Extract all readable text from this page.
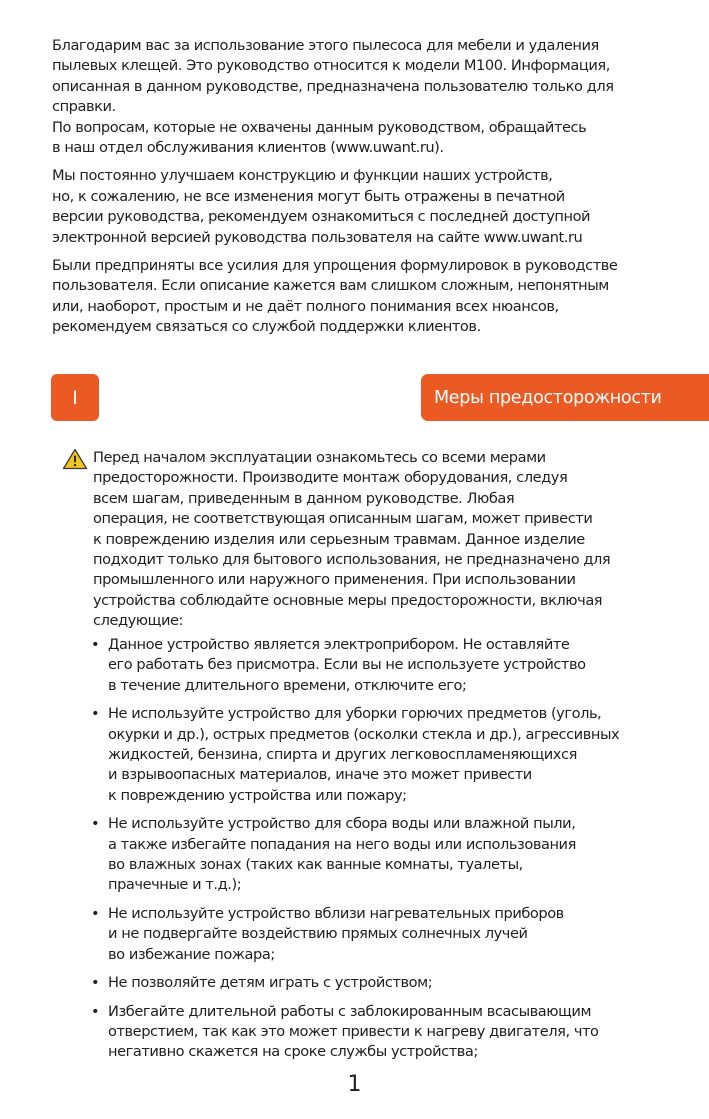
Благодарим вас за использование этого пылесоса для мебели и удаления
пылевых клещей. Это руководство относится к модели M100. Информация,
описанная в данном руководстве, предназначена пользователю только для
справки.
По вопросам, которые не охвачены данным руководством, обращайтесь
в наш отдел обслуживания клиентов (www.uwant.ru).

Мы постоянно улучшаем конструкцию и функции наших устройств,
но, к сожалению, не все изменения могут быть отражены в печатной
версии руководства, рекомендуем ознакомиться с последней доступной
электронной версией руководства пользователя на сайте www.uwant.ru

Были предприняты все усилия для упрощения формулировок в руководстве
пользователя. Если описание кажется вам слишком сложным, непонятным
или, наоборот, простым и не даёт полного понимания всех нюансов,
рекомендуем связаться со службой поддержки клиентов.

I	Меры предосторожности

Перед началом эксплуатации ознакомьтесь со всеми мерами
предосторожности. Производите монтаж оборудования, следуя
всем шагам, приведенным в данном руководстве. Любая
операция, не соответствующая описанным шагам, может привести
к повреждению изделия или серьезным травмам. Данное изделие
подходит только для бытового использования, не предназначено для
промышленного или наружного применения. При использовании
устройства соблюдайте основные меры предосторожности, включая
следующие:

• Данное устройство является электроприбором. Не оставляйте
его работать без присмотра. Если вы не используете устройство
в течение длительного времени, отключите его;
• Не используйте устройство для уборки горючих предметов (уголь,
окурки и др.), острых предметов (осколки стекла и др.), агрессивных
жидкостей, бензина, спирта и других легковоспламеняющихся
и взрывоопасных материалов, иначе это может привести
к повреждению устройства или пожару;
• Не используйте устройство для сбора воды или влажной пыли,
а также избегайте попадания на него воды или использования
во влажных зонах (таких как ванные комнаты, туалеты,
прачечные и т.д.);
• Не используйте устройство вблизи нагревательных приборов
и не подвергайте воздействию прямых солнечных лучей
во избежание пожара;
• Не позволяйте детям играть с устройством;
• Избегайте длительной работы с заблокированным всасывающим
отверстием, так как это может привести к нагреву двигателя, что
негативно скажется на сроке службы устройства;
1
